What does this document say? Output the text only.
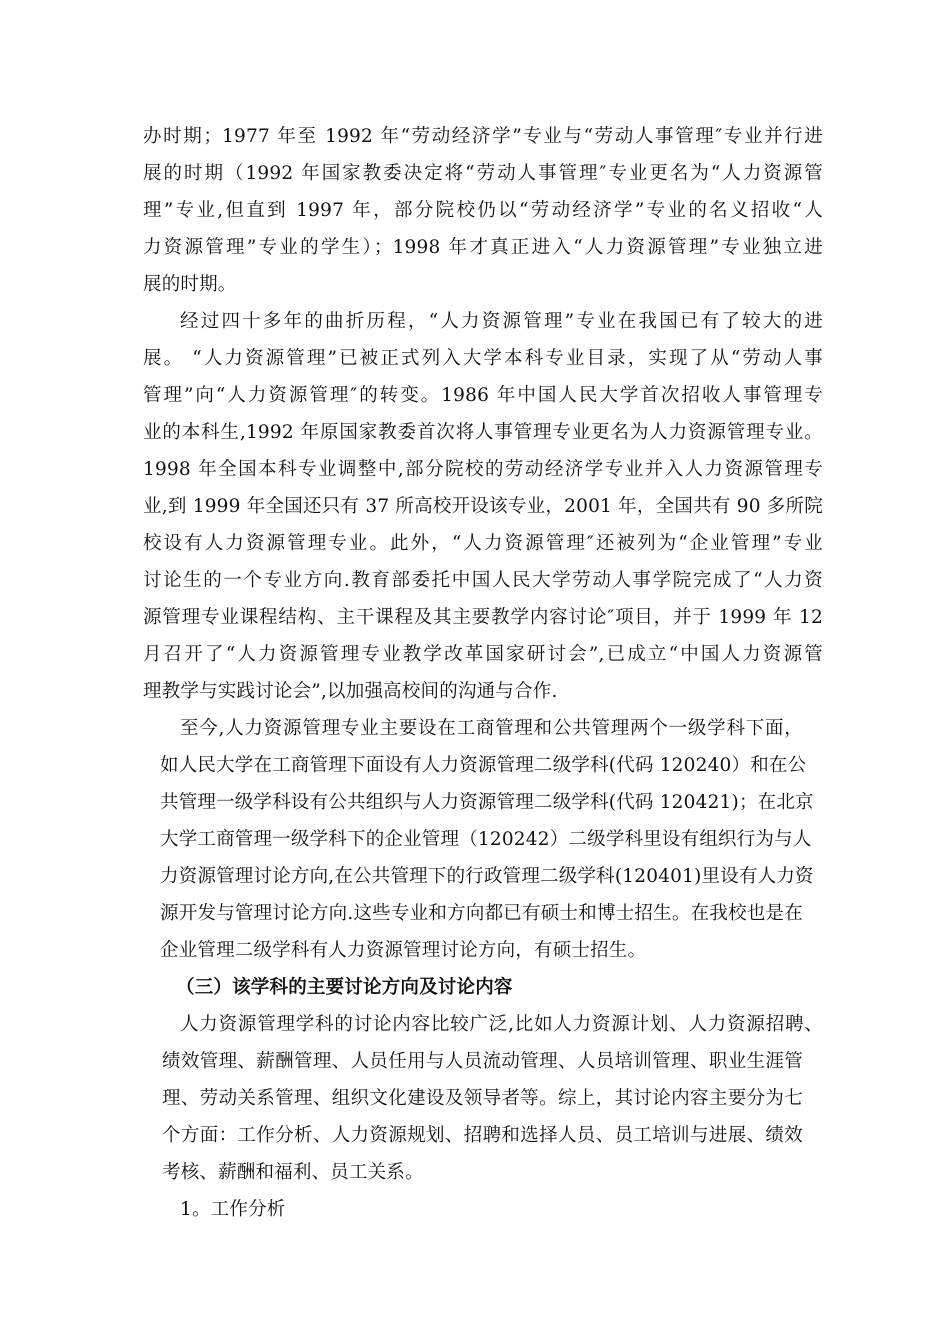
办时期；1977 年至 1992 年“劳动经济学”专业与“劳动人事管理″专业并行进
展的时期（1992 年国家教委决定将“劳动人事管理″专业更名为“人力资源管
理”专业,但直到 1997 年，部分院校仍以“劳动经济学”专业的名义招收“人
力资源管理”专业的学生）；1998 年才真正进入“人力资源管理”专业独立进
展的时期。
经过四十多年的曲折历程，“人力资源管理”专业在我国已有了较大的进
展。 “人力资源管理”已被正式列入大学本科专业目录，实现了从“劳动人事
管理”向“人力资源管理″的转变。1986 年中国人民大学首次招收人事管理专
业的本科生,1992 年原国家教委首次将人事管理专业更名为人力资源管理专业。
1998 年全国本科专业调整中,部分院校的劳动经济学专业并入人力资源管理专
业,到 1999 年全国还只有 37 所高校开设该专业，2001 年，全国共有 90 多所院
校设有人力资源管理专业。此外，“人力资源管理″还被列为“企业管理”专业
讨论生的一个专业方向.教育部委托中国人民大学劳动人事学院完成了“人力资
源管理专业课程结构、主干课程及其主要教学内容讨论″项目，并于 1999 年 12
月召开了“人力资源管理专业教学改革国家研讨会”,已成立“中国人力资源管
理教学与实践讨论会”,以加强高校间的沟通与合作.
至今,人力资源管理专业主要设在工商管理和公共管理两个一级学科下面，
如人民大学在工商管理下面设有人力资源管理二级学科(代码 120240）和在公
共管理一级学科设有公共组织与人力资源管理二级学科(代码 120421)；在北京
大学工商管理一级学科下的企业管理（120242）二级学科里设有组织行为与人
力资源管理讨论方向,在公共管理下的行政管理二级学科(120401)里设有人力资
源开发与管理讨论方向.这些专业和方向都已有硕士和博士招生。在我校也是在
企业管理二级学科有人力资源管理讨论方向，有硕士招生。
（三）该学科的主要讨论方向及讨论内容
人力资源管理学科的讨论内容比较广泛,比如人力资源计划、人力资源招聘、
绩效管理、薪酬管理、人员任用与人员流动管理、人员培训管理、职业生涯管
理、劳动关系管理、组织文化建设及领导者等。综上，其讨论内容主要分为七
个方面：工作分析、人力资源规划、招聘和选择人员、员工培训与进展、绩效
考核、薪酬和福利、员工关系。
1。工作分析
